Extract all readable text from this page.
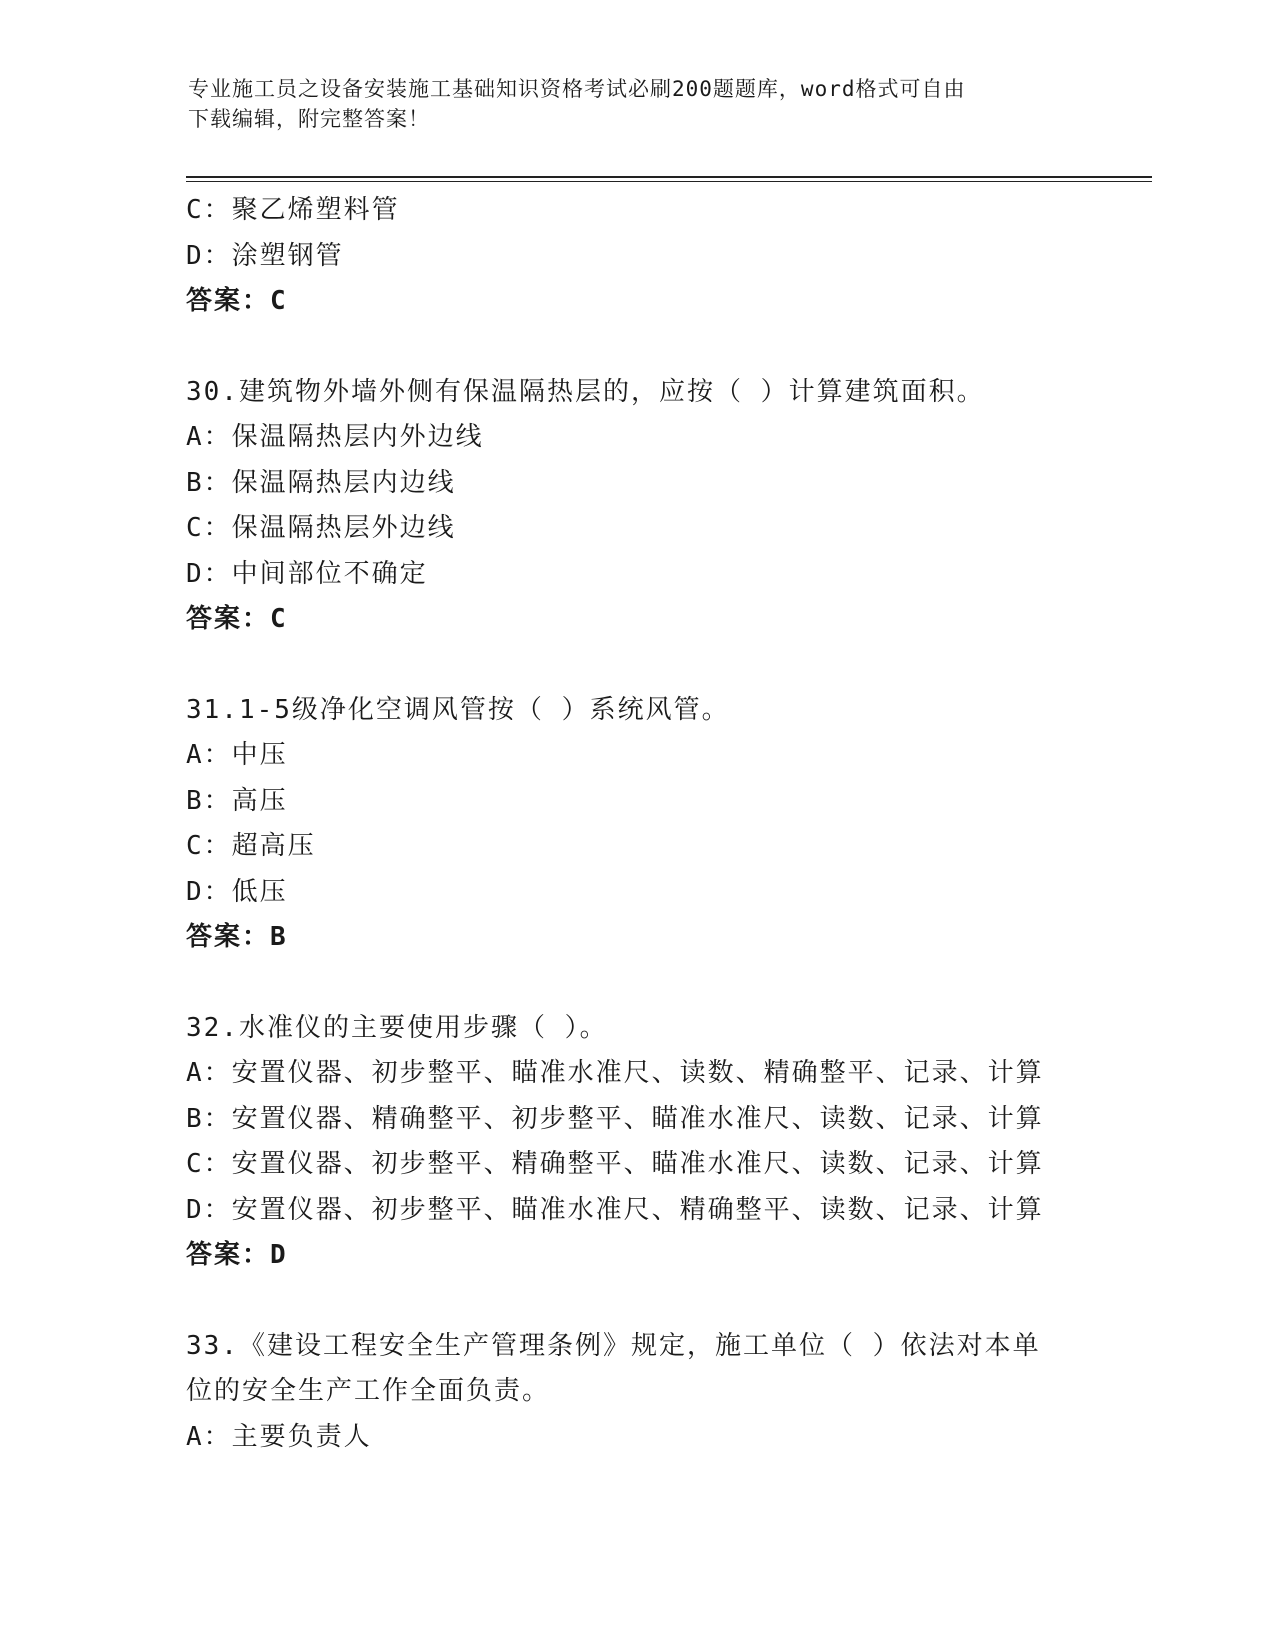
专业施工员之设备安装施工基础知识资格考试必刷200题题库，word格式可自由
下载编辑，附完整答案！
C：聚乙烯塑料管
D：涂塑钢管
答案：C
30.建筑物外墙外侧有保温隔热层的，应按（ ）计算建筑面积。
A：保温隔热层内外边线
B：保温隔热层内边线
C：保温隔热层外边线
D：中间部位不确定
答案：C
31.1-5级净化空调风管按（ ）系统风管。
A：中压
B：高压
C：超高压
D：低压
答案：B
32.水准仪的主要使用步骤（ ）。
A：安置仪器、初步整平、瞄准水准尺、读数、精确整平、记录、计算
B：安置仪器、精确整平、初步整平、瞄准水准尺、读数、记录、计算
C：安置仪器、初步整平、精确整平、瞄准水准尺、读数、记录、计算
D：安置仪器、初步整平、瞄准水准尺、精确整平、读数、记录、计算
答案：D
33.《建设工程安全生产管理条例》规定，施工单位（ ）依法对本单
位的安全生产工作全面负责。
A：主要负责人
